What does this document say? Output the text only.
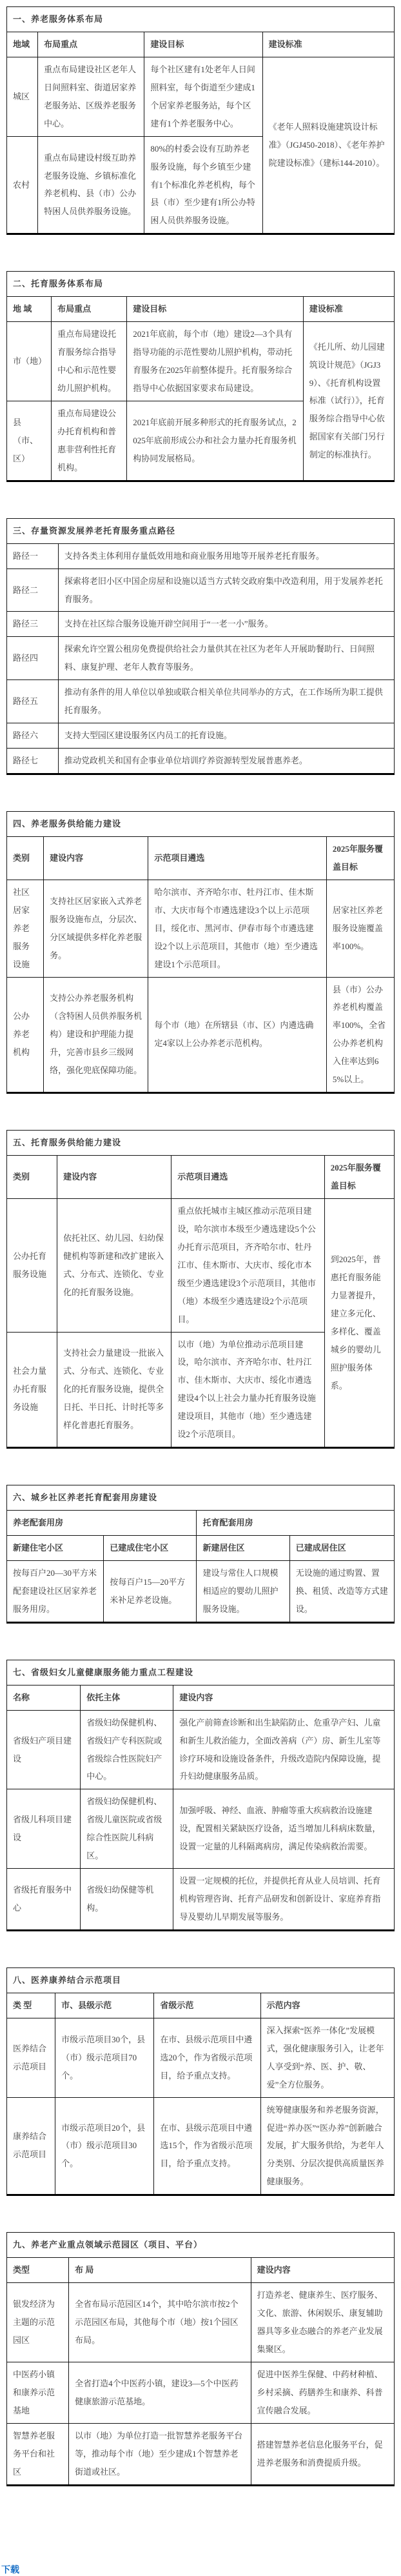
一、养老服务体系布局			
地域	布局重点	建设目标	建设标准
城区	重点布局建设社区老年人日间照料室、街道居家养老服务站、区级养老服务中心。	每个社区建有1处老年人日间照料室，每个街道至少建成1个居家养老服务站，每个区建有1个养老服务中心。	《老年人照料设施建筑设计标准》（JGJ450-2018）、《老年养护院建设标准》（建标144-2010）。
农村	重点布局建设村级互助养老服务设施、乡镇标准化养老机构、县（市）公办特困人员供养服务设施。	80%的村委会设有互助养老服务设施，每个乡镇至少建有1个标准化养老机构，每个县（市）至少建有1所公办特困人员供养服务设施。	
二、托育服务体系布局			
地 域	布局重点	建设目标	建设标准
市（地）	重点布局建设托育服务综合指导中心和示范性婴幼儿照护机构。	2021年底前，每个市（地）建设2—3个具有指导功能的示范性婴幼儿照护机构，带动托育服务在2025年前整体提升。托育服务综合指导中心依据国家要求布局建设。	《托儿所、幼儿园建筑设计规范》（JGJ39）、《托育机构设置标准（试行）》，托育服务综合指导中心依据国家有关部门另行制定的标准执行。
县（市、区）	重点布局建设公办托育机构和普惠非营利性托育机构。	2021年底前开展多种形式的托育服务试点，2025年底前形成公办和社会力量办托育服务机构协同发展格局。	
三、存量资源发展养老托育服务重点路径	
路径一	支持各类主体利用存量低效用地和商业服务用地等开展养老托育服务。
路径二	探索将老旧小区中国企房屋和设施以适当方式转交政府集中改造利用，用于发展养老托育服务。
路径三	支持在社区综合服务设施开辟空间用于“一老一小”服务。
路径四	探索允许空置公租房免费提供给社会力量供其在社区为老年人开展助餐助行、日间照料、康复护理、老年人教育等服务。
路径五	推动有条件的用人单位以单独或联合相关单位共同举办的方式，在工作场所为职工提供托育服务。
路径六	支持大型园区建设服务区内员工的托育设施。
路径七	推动党政机关和国有企事业单位培训疗养资源转型发展普惠养老。
四、养老服务供给能力建设			
类别	建设内容	示范项目遴选	2025年服务覆盖目标
社区居家养老服务设施	支持社区居家嵌入式养老服务设施布点，分层次、分区域提供多样化养老服务。	哈尔滨市、齐齐哈尔市、牡丹江市、佳木斯市、大庆市每个市遴选建设3个以上示范项目，绥化市、黑河市、伊春市每个市遴选建设2个以上示范项目，其他市（地）至少遴选建设1个示范项目。	居家社区养老服务设施覆盖率100%。
公办养老机构	支持公办养老服务机构（含特困人员供养服务机构）建设和护理能力提升，完善市县乡三级网络，强化兜底保障功能。	每个市（地）在所辖县（市、区）内遴选确定4家以上公办养老示范机构。	县（市）公办养老机构覆盖率100%，全省公办养老机构入住率达到65%以上。
五、托育服务供给能力建设			
类别	建设内容	示范项目遴选	2025年服务覆盖目标
公办托育服务设施	依托社区、幼儿园、妇幼保健机构等新建和改扩建嵌入式、分布式、连锁化、专业化的托育服务设施。	重点依托城市主城区推动示范项目建设，哈尔滨市本级至少遴选建设5个公办托育示范项目，齐齐哈尔市、牡丹江市、佳木斯市、大庆市、绥化市本级至少遴选建设3个示范项目，其他市（地）本级至少遴选建设2个示范项目。	到2025年，普惠托育服务能力显著提升，建立多元化、多样化、覆盖城乡的婴幼儿照护服务体系。
社会力量办托育服务设施	支持社会力量建设一批嵌入式、分布式、连锁化、专业化的托育服务设施，提供全日托、半日托、计时托等多样化普惠托育服务。	以市（地）为单位推动示范项目建设，哈尔滨市、齐齐哈尔市、牡丹江市、佳木斯市、大庆市、绥化市遴选建设4个以上社会力量办托育服务设施建设项目，其他市（地）至少遴选建设2个示范项目。	
六、城乡社区养老托育配套用房建设			
养老配套用房		托育配套用房	
新建住宅小区	已建成住宅小区	新建居住区	已建成居住区
按每百户20—30平方米配套建设社区居家养老服务用房。	按每百户15—20平方米补足养老设施。	建设与常住人口规模相适应的婴幼儿照护服务设施。	无设施的通过购置、置换、租赁、改造等方式建设。
七、省级妇女儿童健康服务能力重点工程建设		
名称	依托主体	建设内容
省级妇产项目建设	省级妇幼保健机构、省级妇产专科医院或省级综合性医院妇产中心。	强化产前筛查诊断和出生缺陷防止、危重孕产妇、儿童和新生儿救治能力，全面改善病（产）房、新生儿室等诊疗环境和设施设备条件，升级改造院内保障设施，提升妇幼健康服务品质。
省级儿科项目建设	省级妇幼保健机构、省级儿童医院或省级综合性医院儿科病区。	加强呼吸、神经、血液、肿瘤等重大疾病救治设施建设，配置相关紧缺医疗设备，适当增加儿科病床数量，设置一定量的儿科隔离病房，满足传染病救治需要。
省级托育服务中心	省级妇幼保健等机构。	设置一定规模的托位，并提供托育从业人员培训、托育机构管理咨询、托育产品研发和创新设计、家庭养育指导及婴幼儿早期发展等服务。
八、医养康养结合示范项目			
类 型	市、县级示范	省级示范	示范内容
医养结合示范项目	市级示范项目30个，县（市）级示范项目70个。	在市、县级示范项目中遴选20个，作为省级示范项目，给予重点支持。	深入探索“医养一体化”发展模式，强化健康服务引入，让老年人享受到“养、医、护、敬、爱”全方位服务。
康养结合示范项目	市级示范项目20个，县（市）级示范项目30个。	在市、县级示范项目中遴选15个，作为省级示范项目，给予重点支持。	统筹健康服务和养老服务资源，促进“养办医”“医办养”创新融合发展，扩大服务供给，为老年人分类别、分层次提供高质量医养健康服务。
九、养老产业重点领域示范园区（项目、平台）		
类型	布 局	建设内容
银发经济为主题的示范园区	全省布局示范园区14个，其中哈尔滨市按2个示范园区布局，其他每个市（地）按1个园区布局。	打造养老、健康养生、医疗服务、文化、旅游、休闲娱乐、康复辅助器具等多业态融合的养老产业发展集聚区。
中医药小镇和康养示范基地	全省打造4个中医药小镇，建设3—5个中医药健康旅游示范基地。	促进中医养生保健、中药材种植、乡村采摘、药膳养生和康养、科普宣传融合发展。
智慧养老服务平台和社 区	以市（地）为单位打造一批智慧养老服务平台等，推动每个市（地）至少建成1个智慧养老街道或社区。	搭建智慧养老信息化服务平台，促进养老服务和消费提质升级。
下载
